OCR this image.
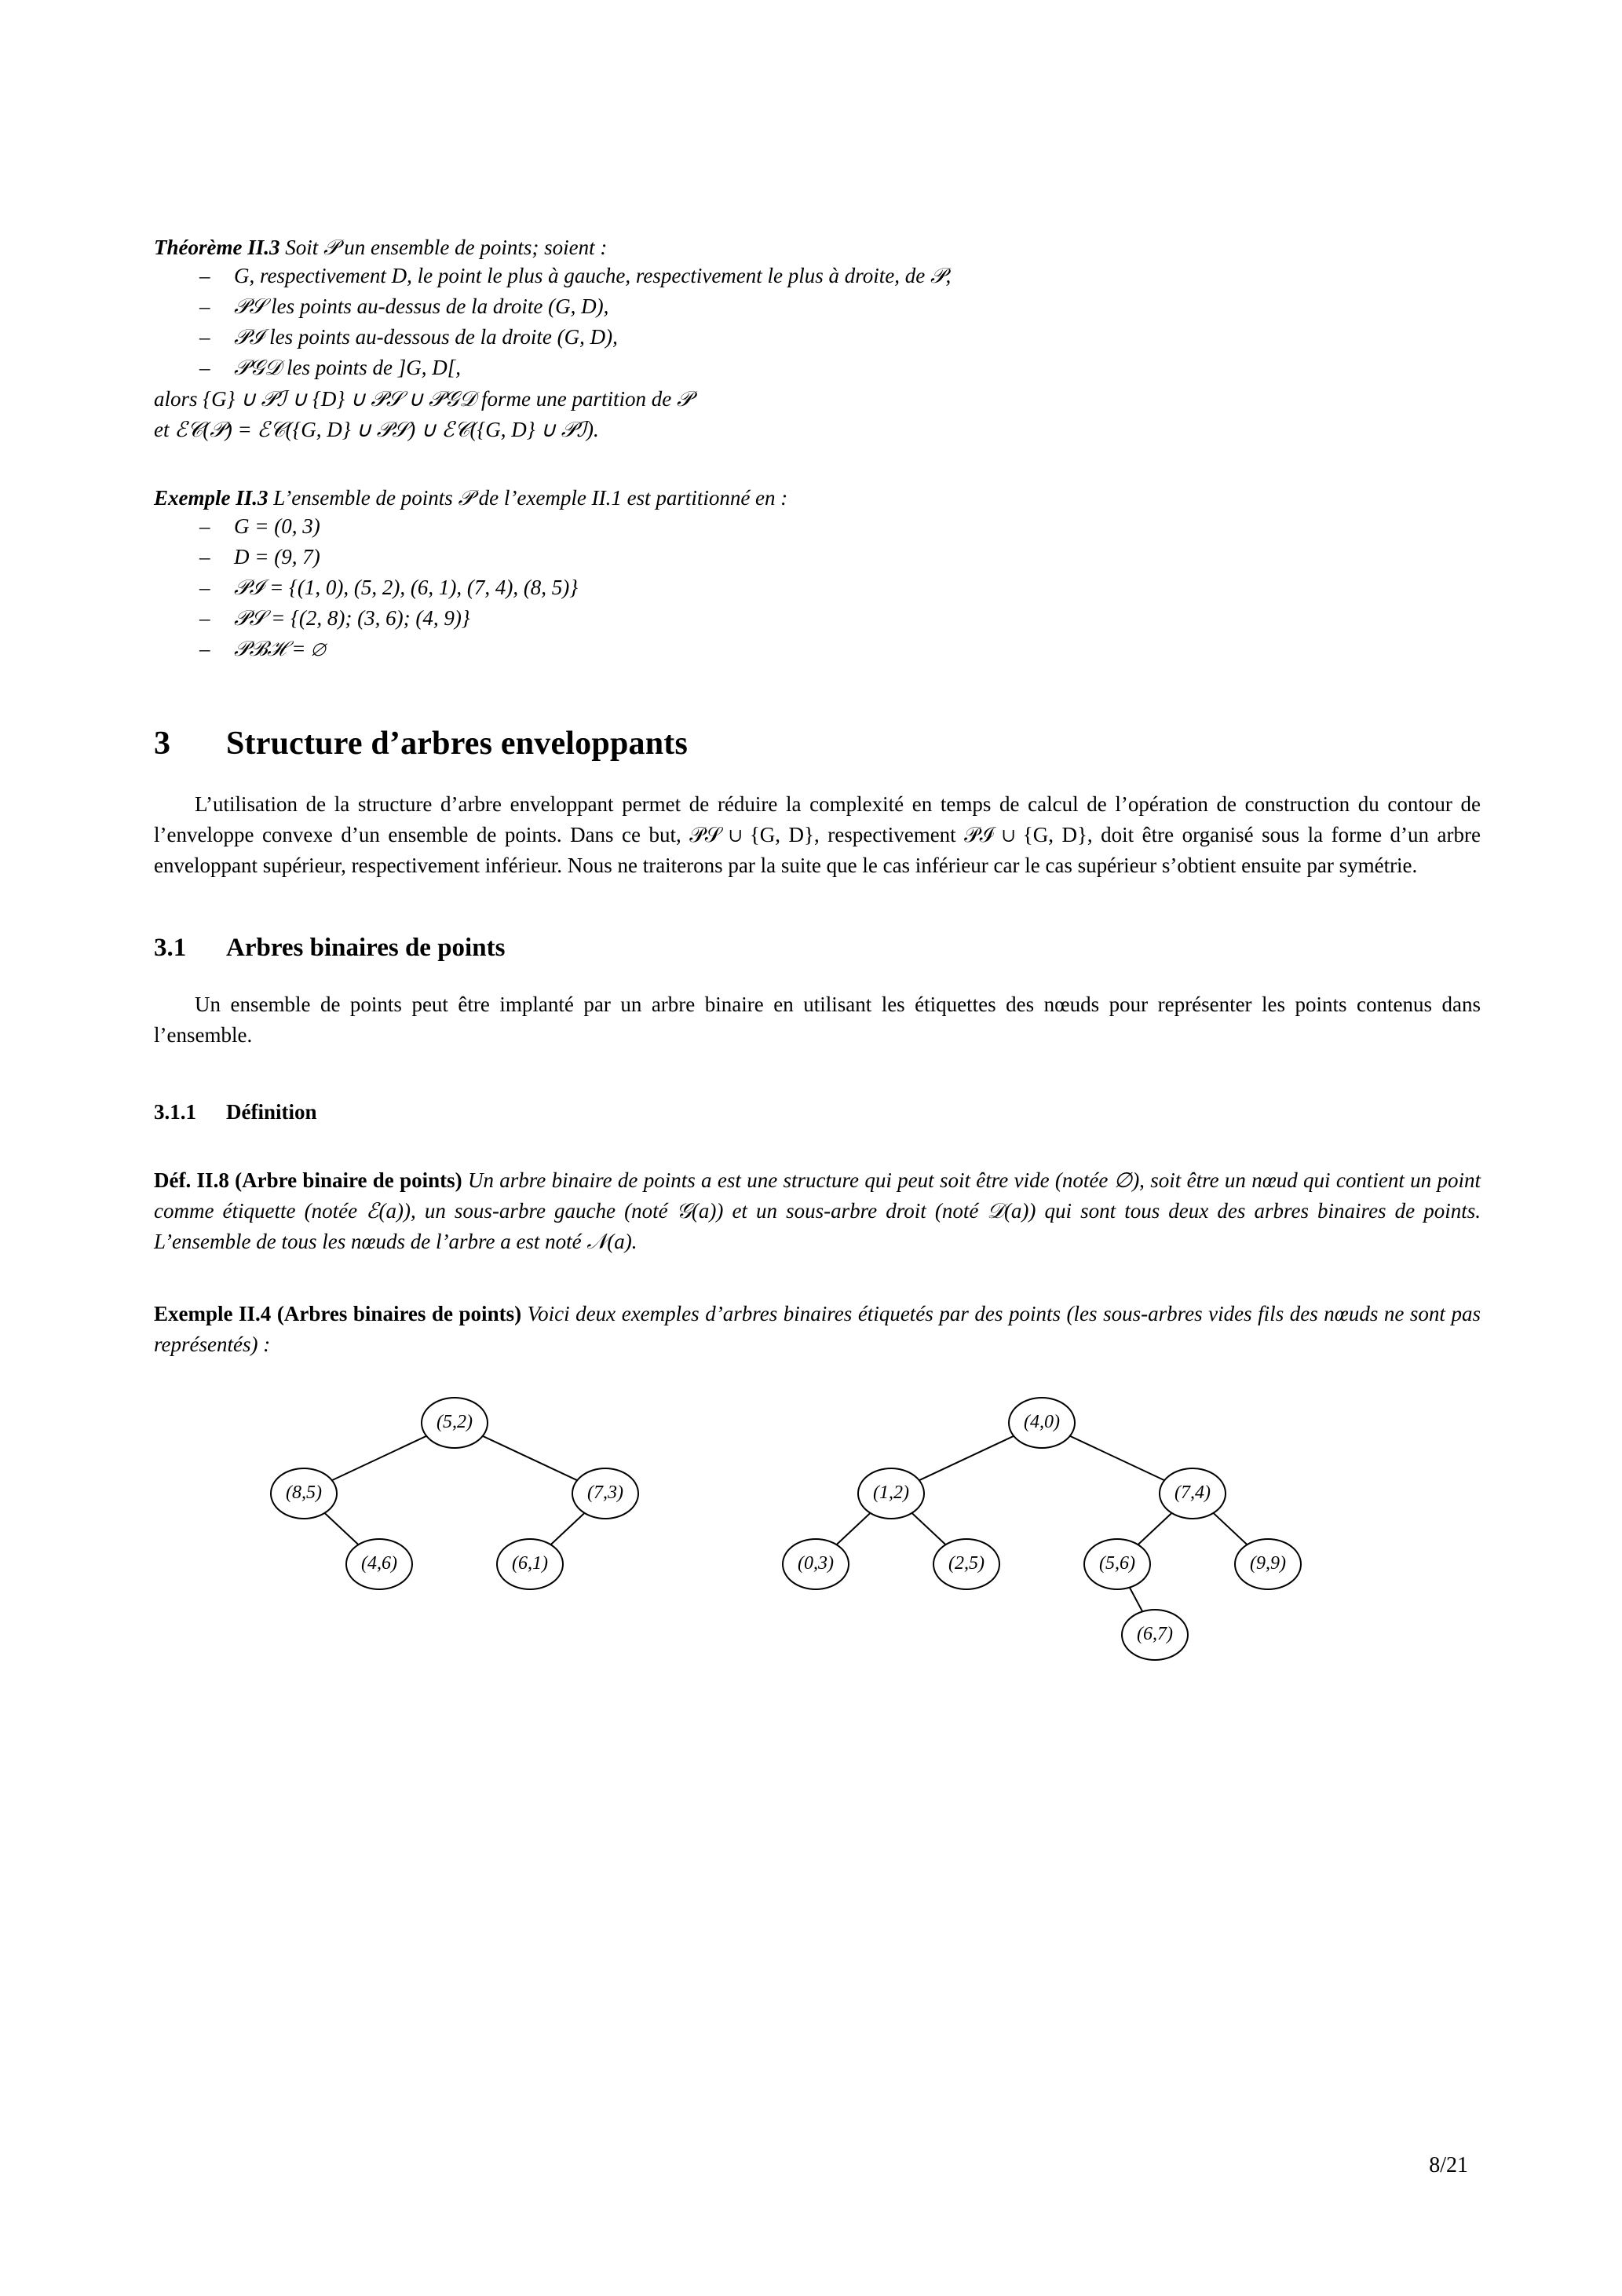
Théorème II.3 Soit 𝒫 un ensemble de points; soient :
– G, respectivement D, le point le plus à gauche, respectivement le plus à droite, de 𝒫,
– 𝒫𝒮 les points au-dessus de la droite (G, D),
– 𝒫ℐ les points au-dessous de la droite (G, D),
– 𝒫𝒢𝒟 les points de ]G, D[,
alors {G} ∪ 𝒫ℐ ∪ {D} ∪ 𝒫𝒮 ∪ 𝒫𝒢𝒟 forme une partition de 𝒫
et ℰ𝒞(𝒫) = ℰ𝒞({G, D} ∪ 𝒫𝒮) ∪ ℰ𝒞({G, D} ∪ 𝒫ℐ).
Exemple II.3 L’ensemble de points 𝒫 de l’exemple II.1 est partitionné en :
– G = (0, 3)
– D = (9, 7)
– 𝒫ℐ = {(1, 0), (5, 2), (6, 1), (7, 4), (8, 5)}
– 𝒫𝒮 = {(2, 8); (3, 6); (4, 9)}
– 𝒫ℬℋ = ∅
3 Structure d’arbres enveloppants

L’utilisation de la structure d’arbre enveloppant permet de réduire la complexité en temps de calcul de l’opération de construction du contour de l’enveloppe convexe d’un ensemble de points. Dans ce but, 𝒫𝒮 ∪ {G, D}, respectivement 𝒫ℐ ∪ {G, D}, doit être organisé sous la forme d’un arbre enveloppant supérieur, respectivement inférieur. Nous ne traiterons par la suite que le cas inférieur car le cas supérieur s’obtient ensuite par symétrie.

3.1 Arbres binaires de points

Un ensemble de points peut être implanté par un arbre binaire en utilisant les étiquettes des nœuds pour représenter les points contenus dans l’ensemble.

3.1.1 Définition

Déf. II.8 (Arbre binaire de points) Un arbre binaire de points a est une structure qui peut soit être vide (notée ∅), soit être un nœud qui contient un point comme étiquette (notée ℰ(a)), un sous-arbre gauche (noté 𝒢(a)) et un sous-arbre droit (noté 𝒟(a)) qui sont tous deux des arbres binaires de points. L’ensemble de tous les nœuds de l’arbre a est noté 𝒩(a).

Exemple II.4 (Arbres binaires de points) Voici deux exemples d’arbres binaires étiquetés par des points (les sous-arbres vides fils des nœuds ne sont pas représentés) :

(5,2)
(8,5)	(7,3)
(4,6)	(6,1)
(4,0)
(1,2)	(7,4)
(0,3)	(2,5)	(5,6)	(9,9)
(6,7)
8/21
